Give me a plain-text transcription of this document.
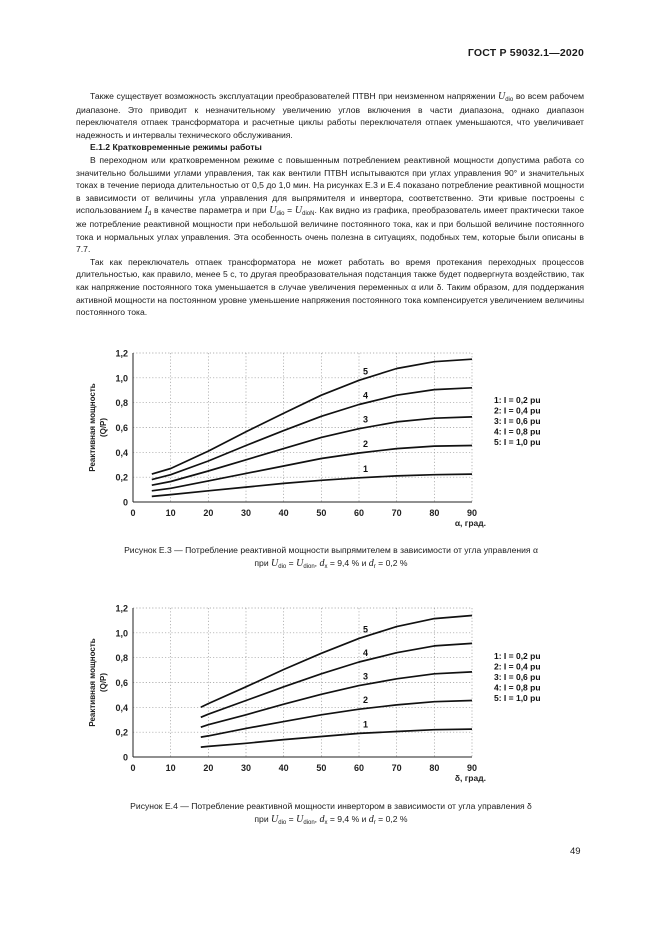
ГОСТ Р 59032.1—2020

Также существует возможность эксплуатации преобразователей ПТВН при неизменном напряжении $U_{dio}$ во всем рабочем диапазоне. Это приводит к незначительному увеличению углов включения в части диапазона, однако диапазон переключателя отпаек трансформатора и расчетные циклы работы переключателя отпаек уменьшаются, что увеличивает надежность и интервалы технического обслуживания.

Е.1.2 Кратковременные режимы работы

В переходном или кратковременном режиме с повышенным потреблением реактивной мощности допустима работа со значительно большими углами управления, так как вентили ПТВН испытываются при углах управления 90° и значительных токах в течение периода длительностью от 0,5 до 1,0 мин. На рисунках Е.3 и Е.4 показано потребление реактивной мощности в зависимости от величины угла управления для выпрямителя и инвертора, соответственно. Эти кривые построены с использованием $I_d$ в качестве параметра и при $U_{dio} = U_{dioN}$. Как видно из графика, преобразователь имеет практически такое же потребление реактивной мощности при небольшой величине постоянного тока, как и при большой величине постоянного тока и нормальных углах управления. Эта особенность очень полезна в ситуациях, подобных тем, которые были описаны в 7.7.

Так как переключатель отпаек трансформатора не может работать во время протекания переходных процессов длительностью, как правило, менее 5 с, то другая преобразовательная подстанция также будет подвергнута воздействию, так как напряжение постоянного тока уменьшается в случае увеличения переменных α или δ. Таким образом, для поддержания активной мощности на постоянном уровне уменьшение напряжения постоянного тока компенсируется увеличением величины постоянного тока.

0	10	20	30	40	50	60	70	80	90
0
0,2
0,4
0,6
0,8
1,0
1,2
α, град.
Реактивная мощность (Q/P)
1
2
3
4
5
1: I = 0,2 pu
2: I = 0,4 pu
3: I = 0,6 pu
4: I = 0,8 pu
5: I = 1,0 pu
0	10	20	30	40	50	60	70	80	90
0
0,2
0,4
0,6
0,8
1,0
1,2
δ, град.
Реактивная мощность (Q/P)
1
2
3
4
5
1: I = 0,2 pu
2: I = 0,4 pu
3: I = 0,6 pu
4: I = 0,8 pu
5: I = 1,0 pu
Рисунок Е.3 — Потребление реактивной мощности выпрямителем в зависимости от угла управления α
при $U_{dio} = U_{dion}$, $d_x = 9,4$ % и $d_r = 0,2$ %
Рисунок Е.4 — Потребление реактивной мощности инвертором в зависимости от угла управления δ
при $U_{dio} = U_{dion}$, $d_x = 9,4$ % и $d_r = 0,2$ %
49
